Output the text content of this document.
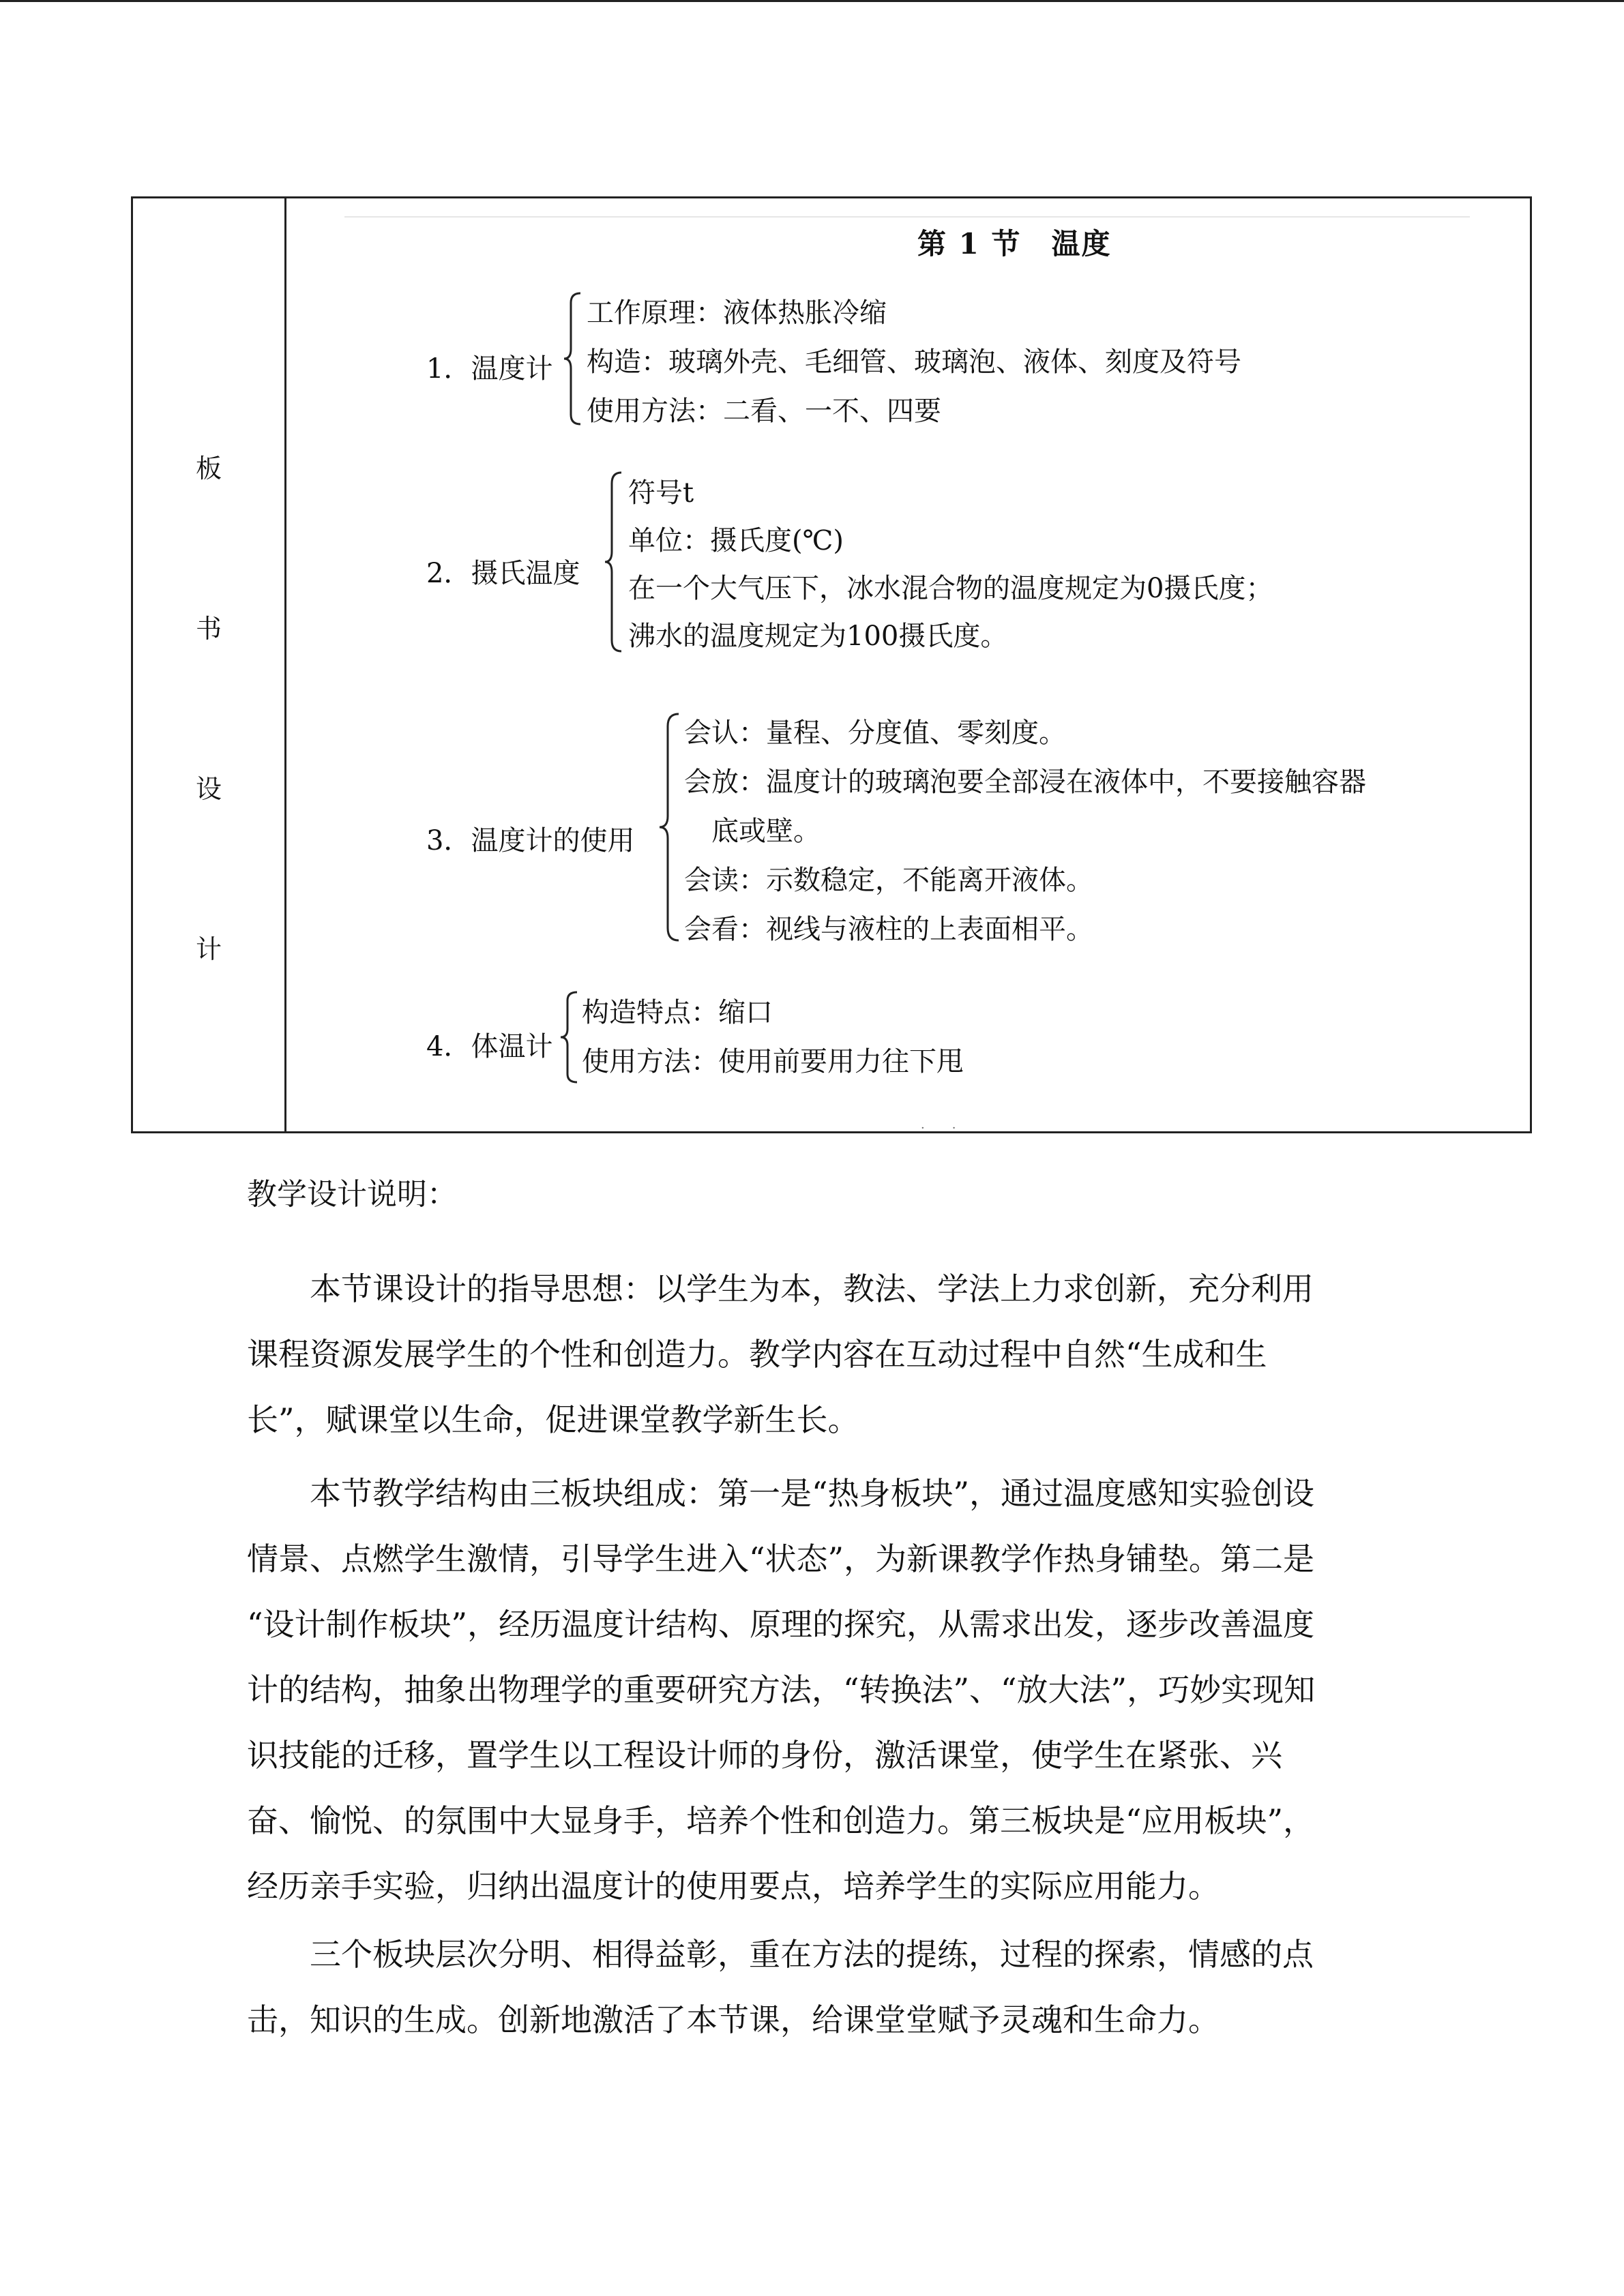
板
书
设
计
第 1 节　温度
1．温度计
工作原理：液体热胀冷缩
构造：玻璃外壳、毛细管、玻璃泡、液体、刻度及符号
使用方法：二看、一不、四要
2．摄氏温度
符号t
单位：摄氏度(℃)
在一个大气压下，冰水混合物的温度规定为0摄氏度；
沸水的温度规定为100摄氏度。
3．温度计的使用
会认：量程、分度值、零刻度。
会放：温度计的玻璃泡要全部浸在液体中，不要接触容器
　底或壁。
会读：示数稳定，不能离开液体。
会看：视线与液柱的上表面相平。
4．体温计
构造特点：缩口
使用方法：使用前要用力往下甩
·       ·
教学设计说明：
本节课设计的指导思想：以学生为本，教法、学法上力求创新，充分利用
课程资源发展学生的个性和创造力。教学内容在互动过程中自然“生成和生
长”，赋课堂以生命，促进课堂教学新生长。
本节教学结构由三板块组成：第一是“热身板块”，通过温度感知实验创设
情景、点燃学生激情，引导学生进入“状态”，为新课教学作热身铺垫。第二是
“设计制作板块”，经历温度计结构、原理的探究，从需求出发，逐步改善温度
计的结构，抽象出物理学的重要研究方法，“转换法”、“放大法”，巧妙实现知
识技能的迁移，置学生以工程设计师的身份，激活课堂，使学生在紧张、兴
奋、愉悦、的氛围中大显身手，培养个性和创造力。第三板块是“应用板块”，
经历亲手实验，归纳出温度计的使用要点，培养学生的实际应用能力。
三个板块层次分明、相得益彰，重在方法的提练，过程的探索，情感的点
击，知识的生成。创新地激活了本节课，给课堂堂赋予灵魂和生命力。
